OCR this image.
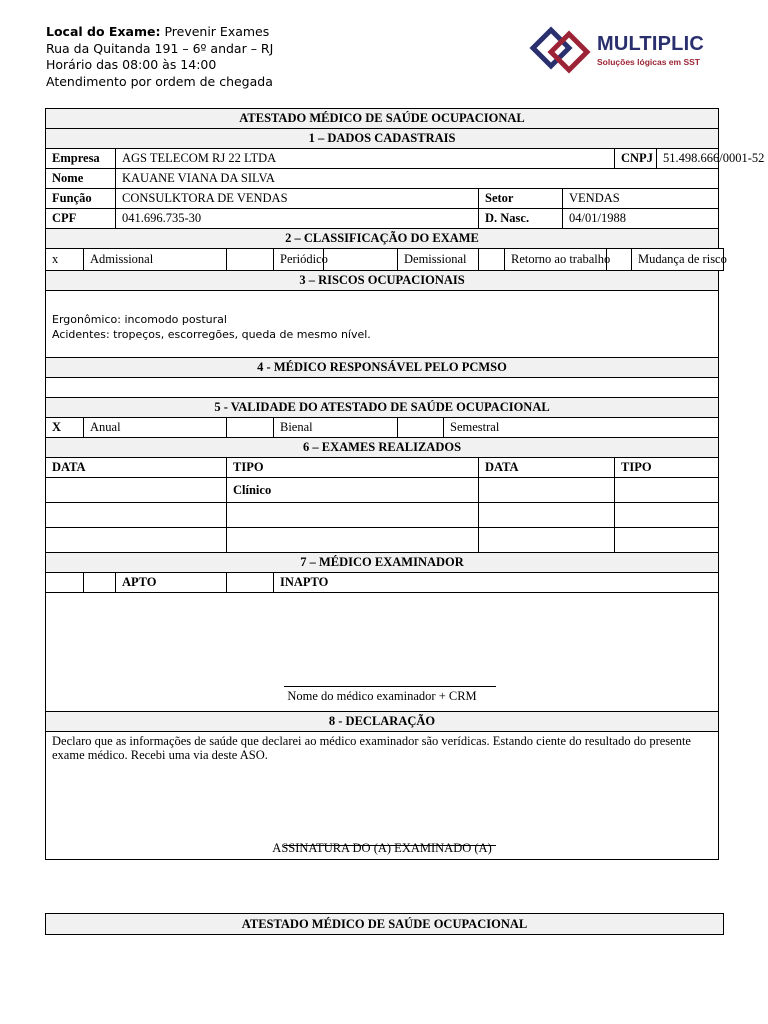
Local do Exame: Prevenir Exames
Rua da Quitanda 191 – 6º andar – RJ
Horário das 08:00 às 14:00
Atendimento por ordem de chegada
MULTIPLIC
Soluções lógicas em SST
ATESTADO MÉDICO DE SAÚDE OCUPACIONAL														
1 – DADOS CADASTRAIS														
Empresa		AGS TELECOM RJ 22 LTDA										CNPJ		51.498.666/0001-52
Nome		KAUANE VIANA DA SILVA												
Função		CONSULKTORA DE VENDAS						Setor		VENDAS				
CPF		041.696.735-30						D. Nasc.		04/01/1988				
2 – CLASSIFICAÇÃO DO EXAME														
x	Admissional			Periódico		Demissional			Retorno ao trabalho				Mudança de risco	
3 – RISCOS OCUPACIONAIS														

Ergonômico: incomodo postural
Acidentes: tropeços, escorregões, queda de mesmo nível.														

4 - MÉDICO RESPONSÁVEL PELO PCMSO														

5 - VALIDADE DO ATESTADO DE SAÚDE OCUPACIONAL														
X	Anual			Bienal			Semestral							
6 – EXAMES REALIZADOS														
DATA			TIPO					DATA				TIPO		
			Clínico											

7 – MÉDICO EXAMINADOR														
		APTO		INAPTO										

Nome do médico examinador + CRM														

8 - DECLARAÇÃO														

Declaro que as informações de saúde que declarei ao médico examinador são verídicas. Estando ciente do resultado do presente exame médico. Recebi uma via deste ASO.
ASSINATURA DO (A) EXAMINADO (A)														
ATESTADO MÉDICO DE SAÚDE OCUPACIONAL
